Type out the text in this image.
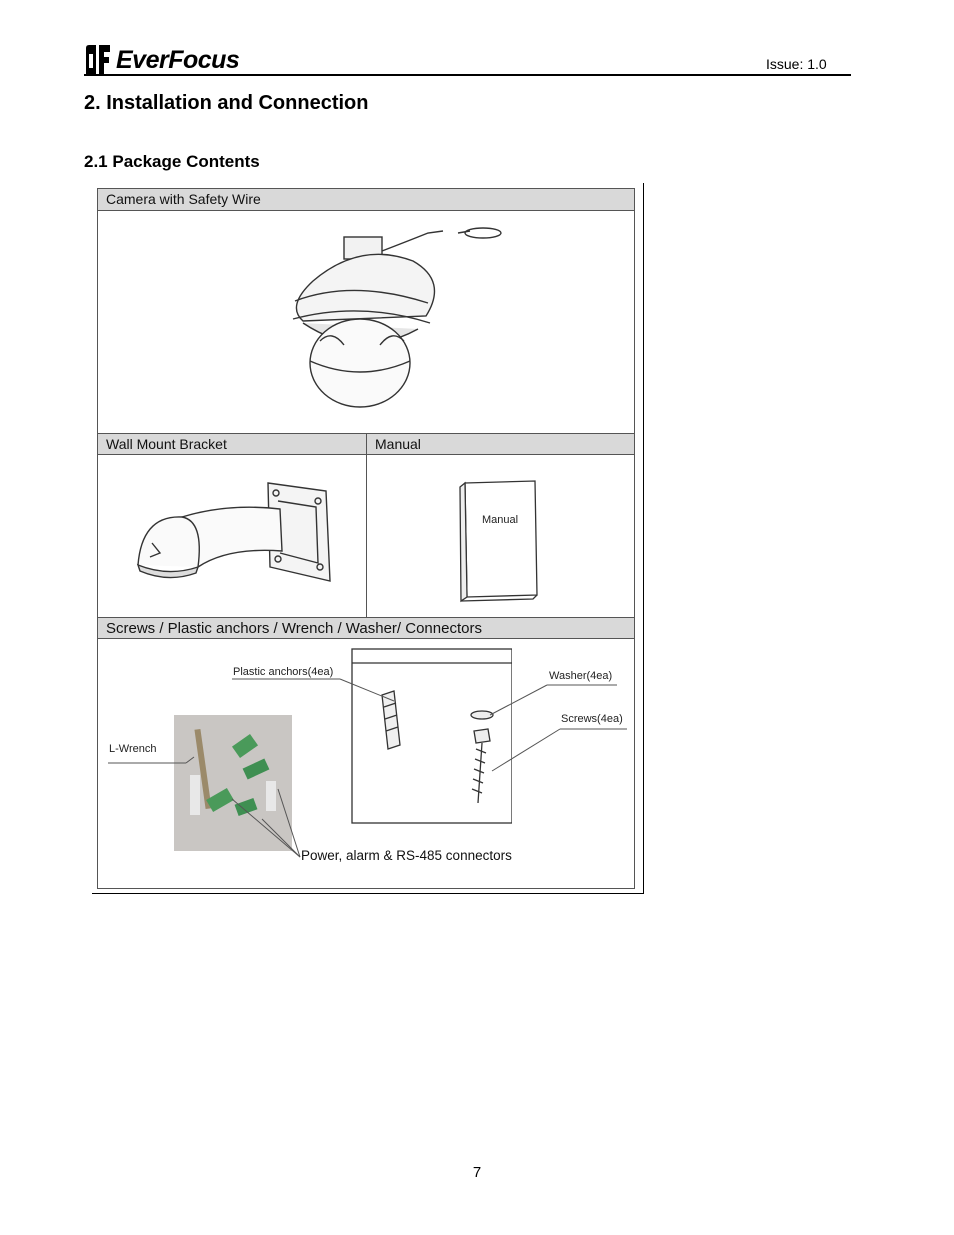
EverFocus	Issue: 1.0
2. Installation and Connection
2.1 Package Contents
Camera with Safety Wire
Wall Mount Bracket	Manual
Manual
Screws / Plastic anchors / Wrench / Washer/ Connectors
Plastic anchors(4ea)	Washer(4ea)
Screws(4ea)
L-Wrench
Power, alarm & RS-485 connectors
7
